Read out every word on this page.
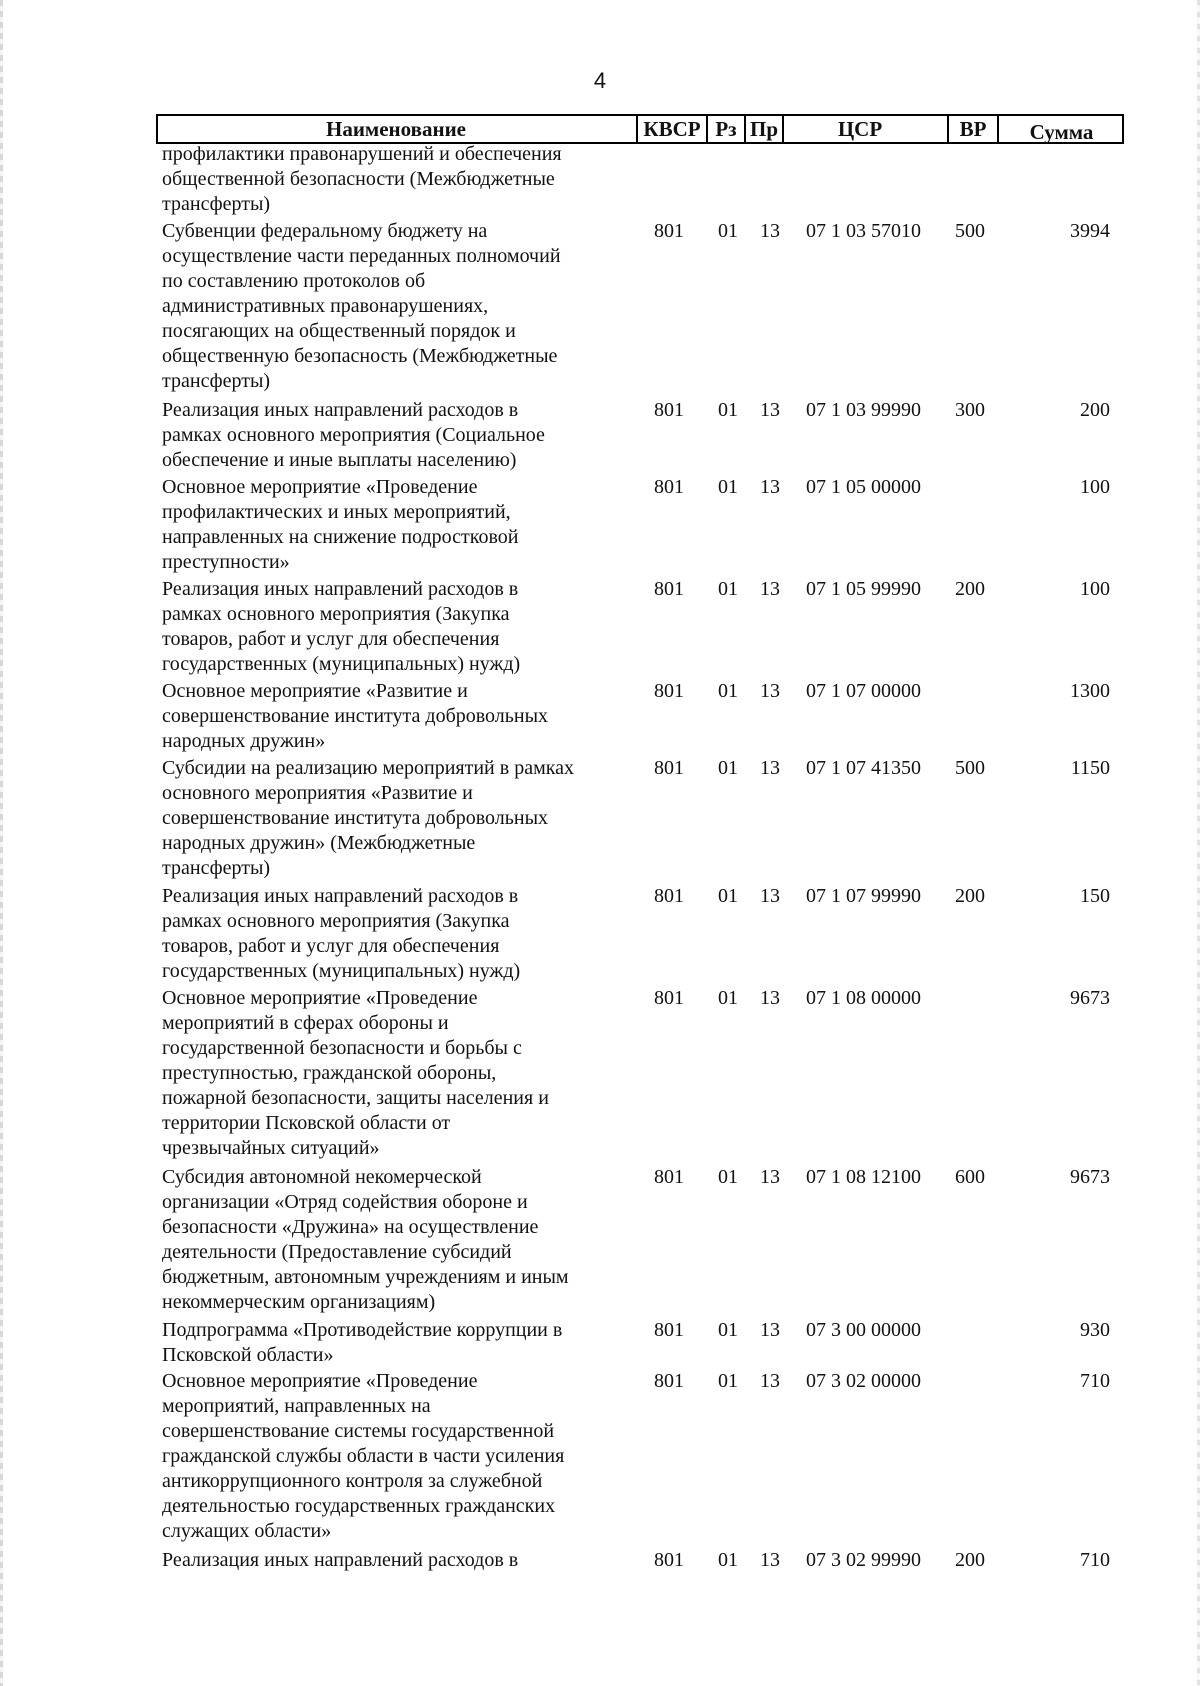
4
Наименование	КВСР Рз Пр	ЦСР	ВР	Сумма
профилактики правонарушений и обеспечения
общественной безопасности (Межбюджетные
трансферты)
Субвенции федеральному бюджету на
осуществление части переданных полномочий
по составлению протоколов об
административных правонарушениях,
посягающих на общественный порядок и
общественную безопасность (Межбюджетные
трансферты)
801 01 13 07 1 03 57010 500	3994
Реализация иных направлений расходов в
рамках основного мероприятия (Социальное
обеспечение и иные выплаты населению)
801 01 13 07 1 03 99990 300	200
Основное мероприятие «Проведение
профилактических и иных мероприятий,
направленных на снижение подростковой
преступности»
801 01 13 07 1 05 00000	100
Реализация иных направлений расходов в
рамках основного мероприятия (Закупка
товаров, работ и услуг для обеспечения
государственных (муниципальных) нужд)
801 01 13 07 1 05 99990 200	100
Основное мероприятие «Развитие и
совершенствование института добровольных
народных дружин»
801 01 13 07 1 07 00000	1300
Субсидии на реализацию мероприятий в рамках
основного мероприятия «Развитие и
совершенствование института добровольных
народных дружин» (Межбюджетные
трансферты)
801 01 13 07 1 07 41350 500	1150
Реализация иных направлений расходов в
рамках основного мероприятия (Закупка
товаров, работ и услуг для обеспечения
государственных (муниципальных) нужд)
801 01 13 07 1 07 99990 200	150
Основное мероприятие «Проведение
мероприятий в сферах обороны и
государственной безопасности и борьбы с
преступностью, гражданской обороны,
пожарной безопасности, защиты населения и
территории Псковской области от
чрезвычайных ситуаций»
801 01 13 07 1 08 00000	9673
Субсидия автономной некомерческой
организации «Отряд содействия обороне и
безопасности «Дружина» на осуществление
деятельности (Предоставление субсидий
бюджетным, автономным учреждениям и иным
некоммерческим организациям)
801 01 13 07 1 08 12100 600	9673
Подпрограмма «Противодействие коррупции в
Псковской области»
801 01 13 07 3 00 00000	930
Основное мероприятие «Проведение
мероприятий, направленных на
совершенствование системы государственной
гражданской службы области в части усиления
антикоррупционного контроля за служебной
деятельностью государственных гражданских
служащих области»
801 01 13 07 3 02 00000	710
Реализация иных направлений расходов в	801 01 13 07 3 02 99990 200	710
